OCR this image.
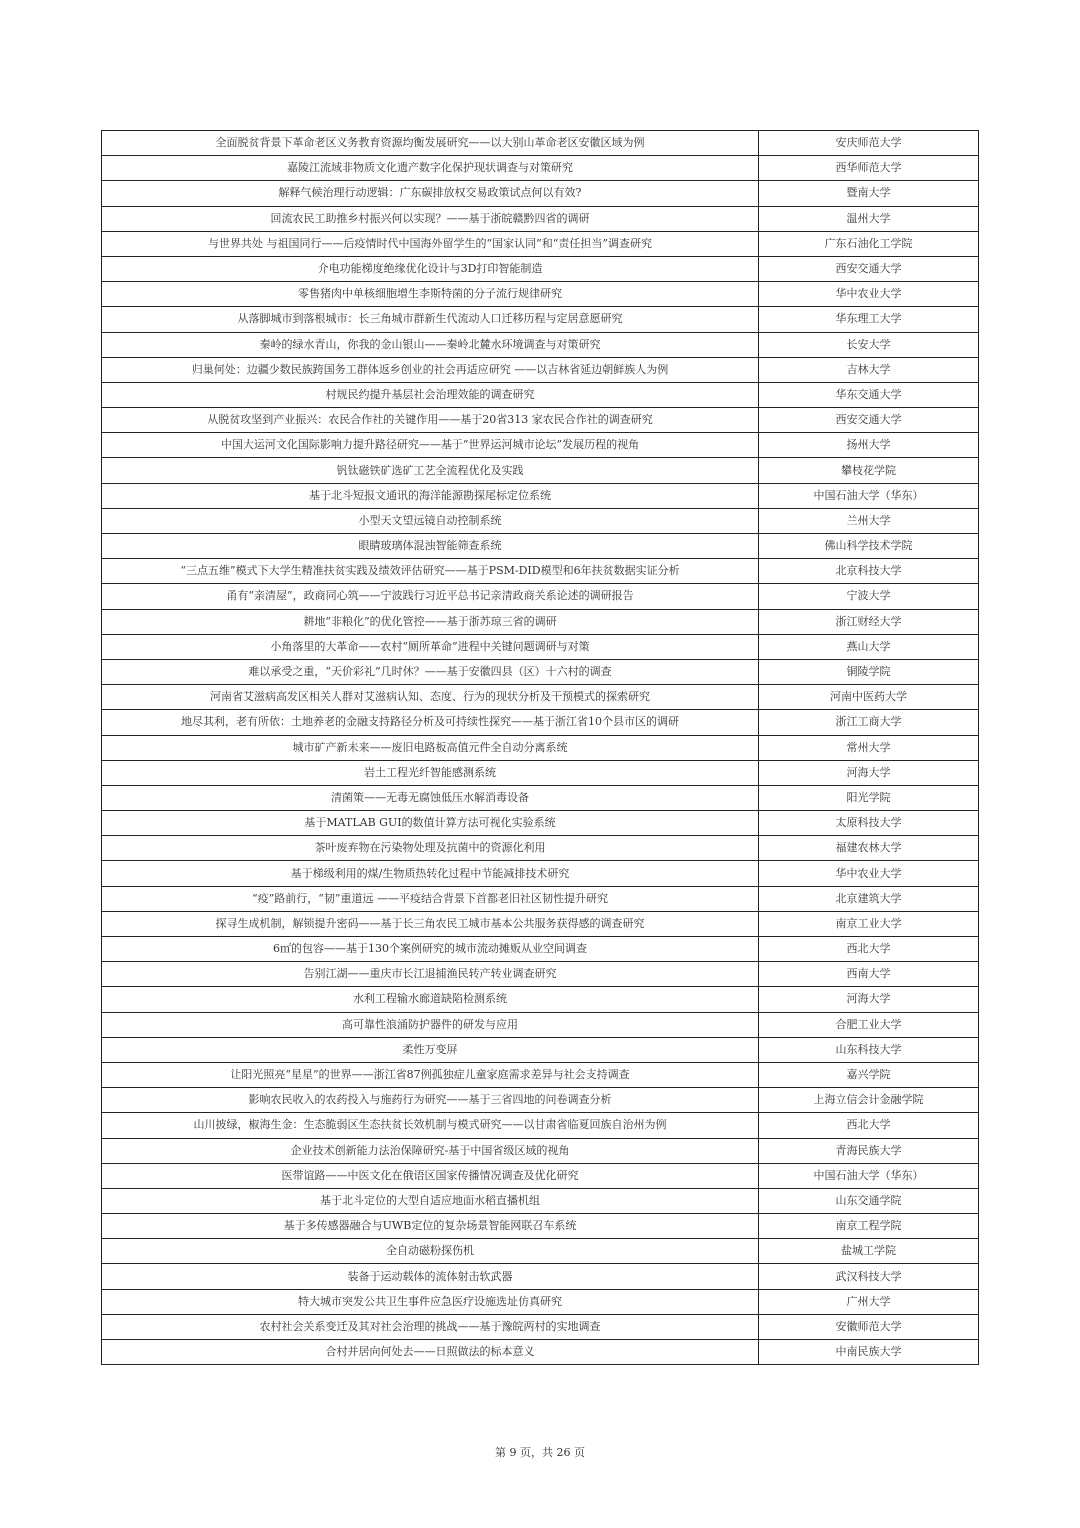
全面脱贫背景下革命老区义务教育资源均衡发展研究——以大别山革命老区安徽区域为例	安庆师范大学
嘉陵江流域非物质文化遗产数字化保护现状调查与对策研究	西华师范大学
解释气候治理行动逻辑：广东碳排放权交易政策试点何以有效?	暨南大学
回流农民工助推乡村振兴何以实现？——基于浙皖赣黔四省的调研	温州大学
与世界共处 与祖国同行——后疫情时代中国海外留学生的“国家认同”和“责任担当”调查研究	广东石油化工学院
介电功能梯度绝缘优化设计与3D打印智能制造	西安交通大学
零售猪肉中单核细胞增生李斯特菌的分子流行规律研究	华中农业大学
从落脚城市到落根城市：长三角城市群新生代流动人口迁移历程与定居意愿研究	华东理工大学
秦岭的绿水青山，你我的金山银山——秦岭北麓水环境调查与对策研究	长安大学
归巢何处：边疆少数民族跨国务工群体返乡创业的社会再适应研究 ——以吉林省延边朝鲜族人为例	吉林大学
村规民约提升基层社会治理效能的调查研究	华东交通大学
从脱贫攻坚到产业振兴：农民合作社的关键作用——基于20省313 家农民合作社的调查研究	西安交通大学
中国大运河文化国际影响力提升路径研究——基于“世界运河城市论坛”发展历程的视角	扬州大学
钒钛磁铁矿选矿工艺全流程优化及实践	攀枝花学院
基于北斗短报文通讯的海洋能源勘探尾标定位系统	中国石油大学（华东）
小型天文望远镜自动控制系统	兰州大学
眼睛玻璃体混浊智能筛查系统	佛山科学技术学院
“三点五维”模式下大学生精准扶贫实践及绩效评估研究——基于PSM-DID模型和6年扶贫数据实证分析	北京科技大学
甬有“亲清屋”，政商同心筑——宁波践行习近平总书记亲清政商关系论述的调研报告	宁波大学
耕地“非粮化”的优化管控——基于浙苏琼三省的调研	浙江财经大学
小角落里的大革命——农村“厕所革命”进程中关键问题调研与对策	燕山大学
难以承受之重，“天价彩礼”几时休？——基于安徽四县（区）十六村的调查	铜陵学院
河南省艾滋病高发区相关人群对艾滋病认知、态度、行为的现状分析及干预模式的探索研究	河南中医药大学
地尽其利，老有所依：土地养老的金融支持路径分析及可持续性探究——基于浙江省10个县市区的调研	浙江工商大学
城市矿产新未来——废旧电路板高值元件全自动分离系统	常州大学
岩土工程光纤智能感测系统	河海大学
清菌策——无毒无腐蚀低压水解消毒设备	阳光学院
基于MATLAB GUI的数值计算方法可视化实验系统	太原科技大学
茶叶废弃物在污染物处理及抗菌中的资源化利用	福建农林大学
基于梯级利用的煤/生物质热转化过程中节能减排技术研究	华中农业大学
“疫”路前行，“韧”重道远 ——平疫结合背景下首都老旧社区韧性提升研究	北京建筑大学
探寻生成机制，解锁提升密码——基于长三角农民工城市基本公共服务获得感的调查研究	南京工业大学
6㎡的包容——基于130个案例研究的城市流动摊贩从业空间调查	西北大学
告别江湖——重庆市长江退捕渔民转产转业调查研究	西南大学
水利工程输水廊道缺陷检测系统	河海大学
高可靠性浪涌防护器件的研发与应用	合肥工业大学
柔性万变屏	山东科技大学
让阳光照亮“星星”的世界——浙江省87例孤独症儿童家庭需求差异与社会支持调查	嘉兴学院
影响农民收入的农药投入与施药行为研究——基于三省四地的问卷调查分析	上海立信会计金融学院
山川披绿，椒海生金：生态脆弱区生态扶贫长效机制与模式研究——以甘肃省临夏回族自治州为例	西北大学
企业技术创新能力法治保障研究-基于中国省级区域的视角	青海民族大学
医带谊路——中医文化在俄语区国家传播情况调查及优化研究	中国石油大学（华东）
基于北斗定位的大型自适应地面水稻直播机组	山东交通学院
基于多传感器融合与UWB定位的复杂场景智能网联召车系统	南京工程学院
全自动磁粉探伤机	盐城工学院
装备于运动载体的流体射击软武器	武汉科技大学
特大城市突发公共卫生事件应急医疗设施选址仿真研究	广州大学
农村社会关系变迁及其对社会治理的挑战——基于豫皖两村的实地调查	安徽师范大学
合村并居向何处去——日照做法的标本意义	中南民族大学
第 9 页，共 26 页
